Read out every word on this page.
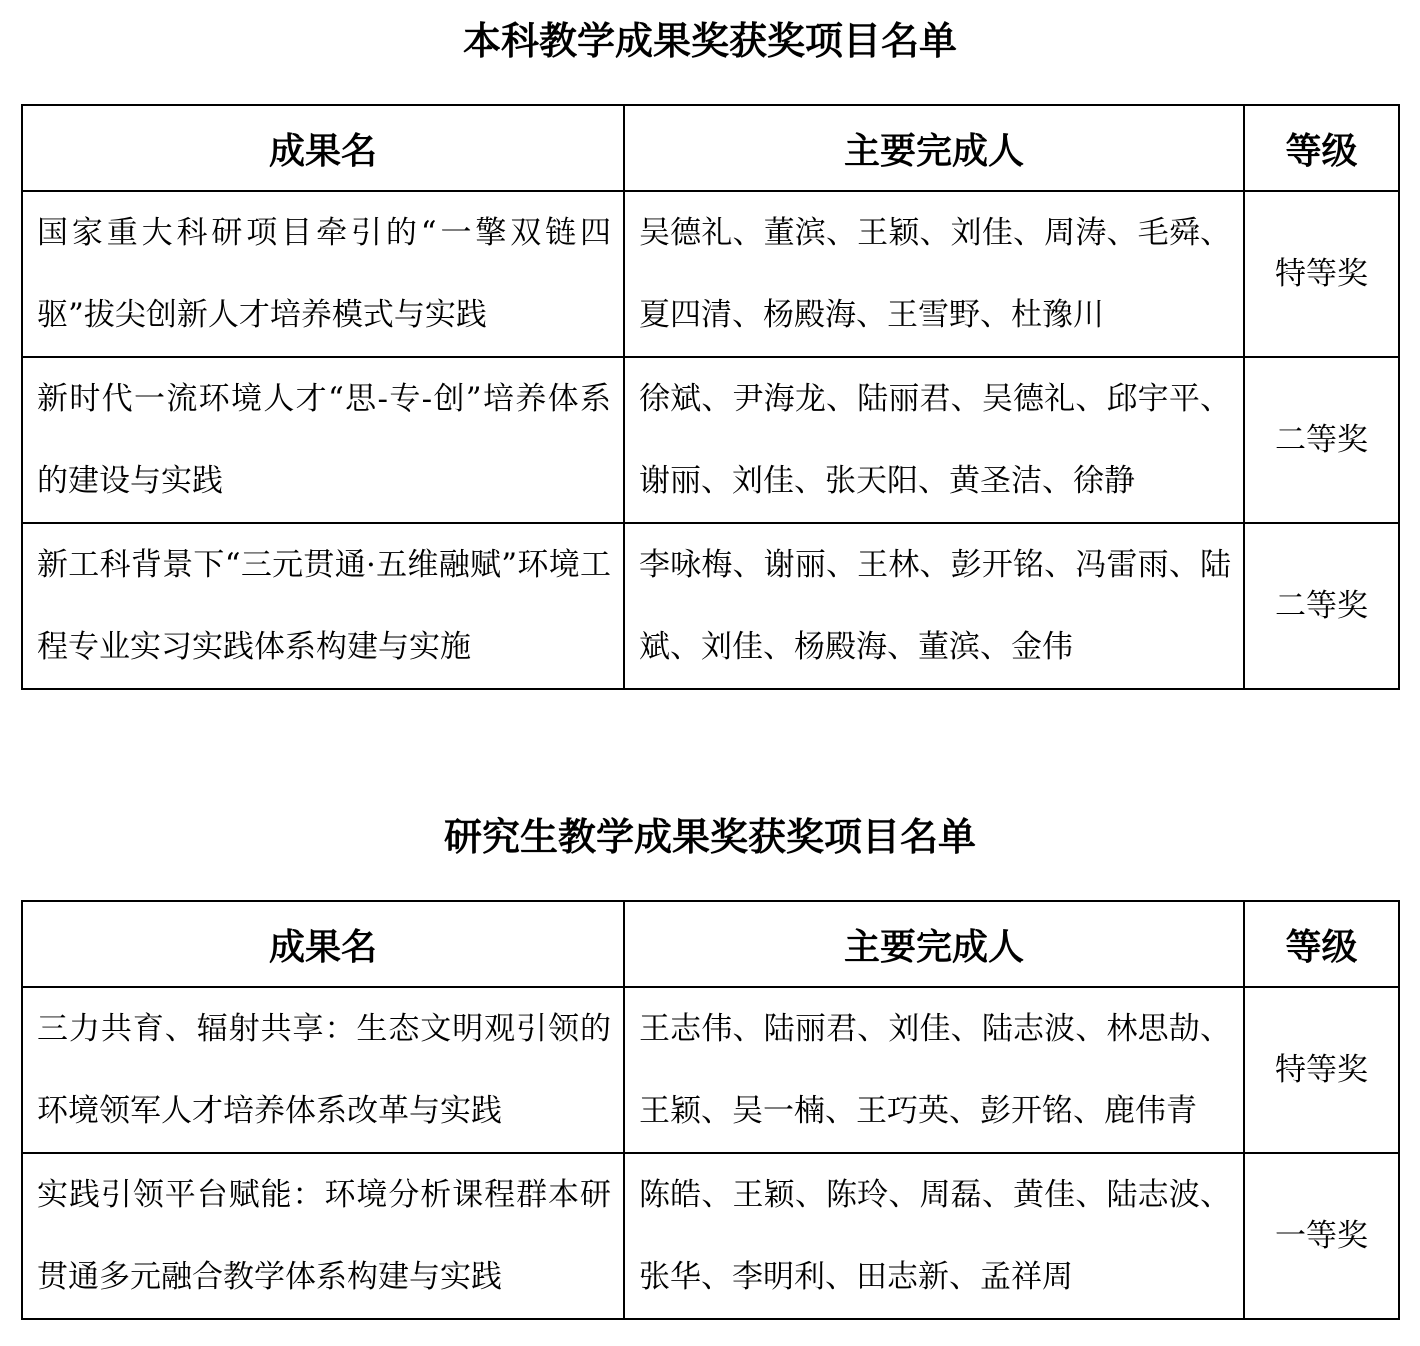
本科教学成果奖获奖项目名单
成果名	主要完成人	等级
国家重大科研项目牵引的“一擎双链四驱”拔尖创新人才培养模式与实践	吴德礼、董滨、王颖、刘佳、周涛、毛舜、夏四清、杨殿海、王雪野、杜豫川	特等奖
新时代一流环境人才“思-专-创”培养体系的建设与实践	徐斌、尹海龙、陆丽君、吴德礼、邱宇平、谢丽、刘佳、张天阳、黄圣洁、徐静	二等奖
新工科背景下“三元贯通·五维融赋”环境工程专业实习实践体系构建与实施	李咏梅、谢丽、王林、彭开铭、冯雷雨、陆斌、刘佳、杨殿海、董滨、金伟	二等奖
研究生教学成果奖获奖项目名单
成果名	主要完成人	等级
三力共育、辐射共享：生态文明观引领的环境领军人才培养体系改革与实践	王志伟、陆丽君、刘佳、陆志波、林思劼、王颖、吴一楠、王巧英、彭开铭、鹿伟青	特等奖
实践引领平台赋能：环境分析课程群本研贯通多元融合教学体系构建与实践	陈皓、王颖、陈玲、周磊、黄佳、陆志波、张华、李明利、田志新、孟祥周	一等奖
